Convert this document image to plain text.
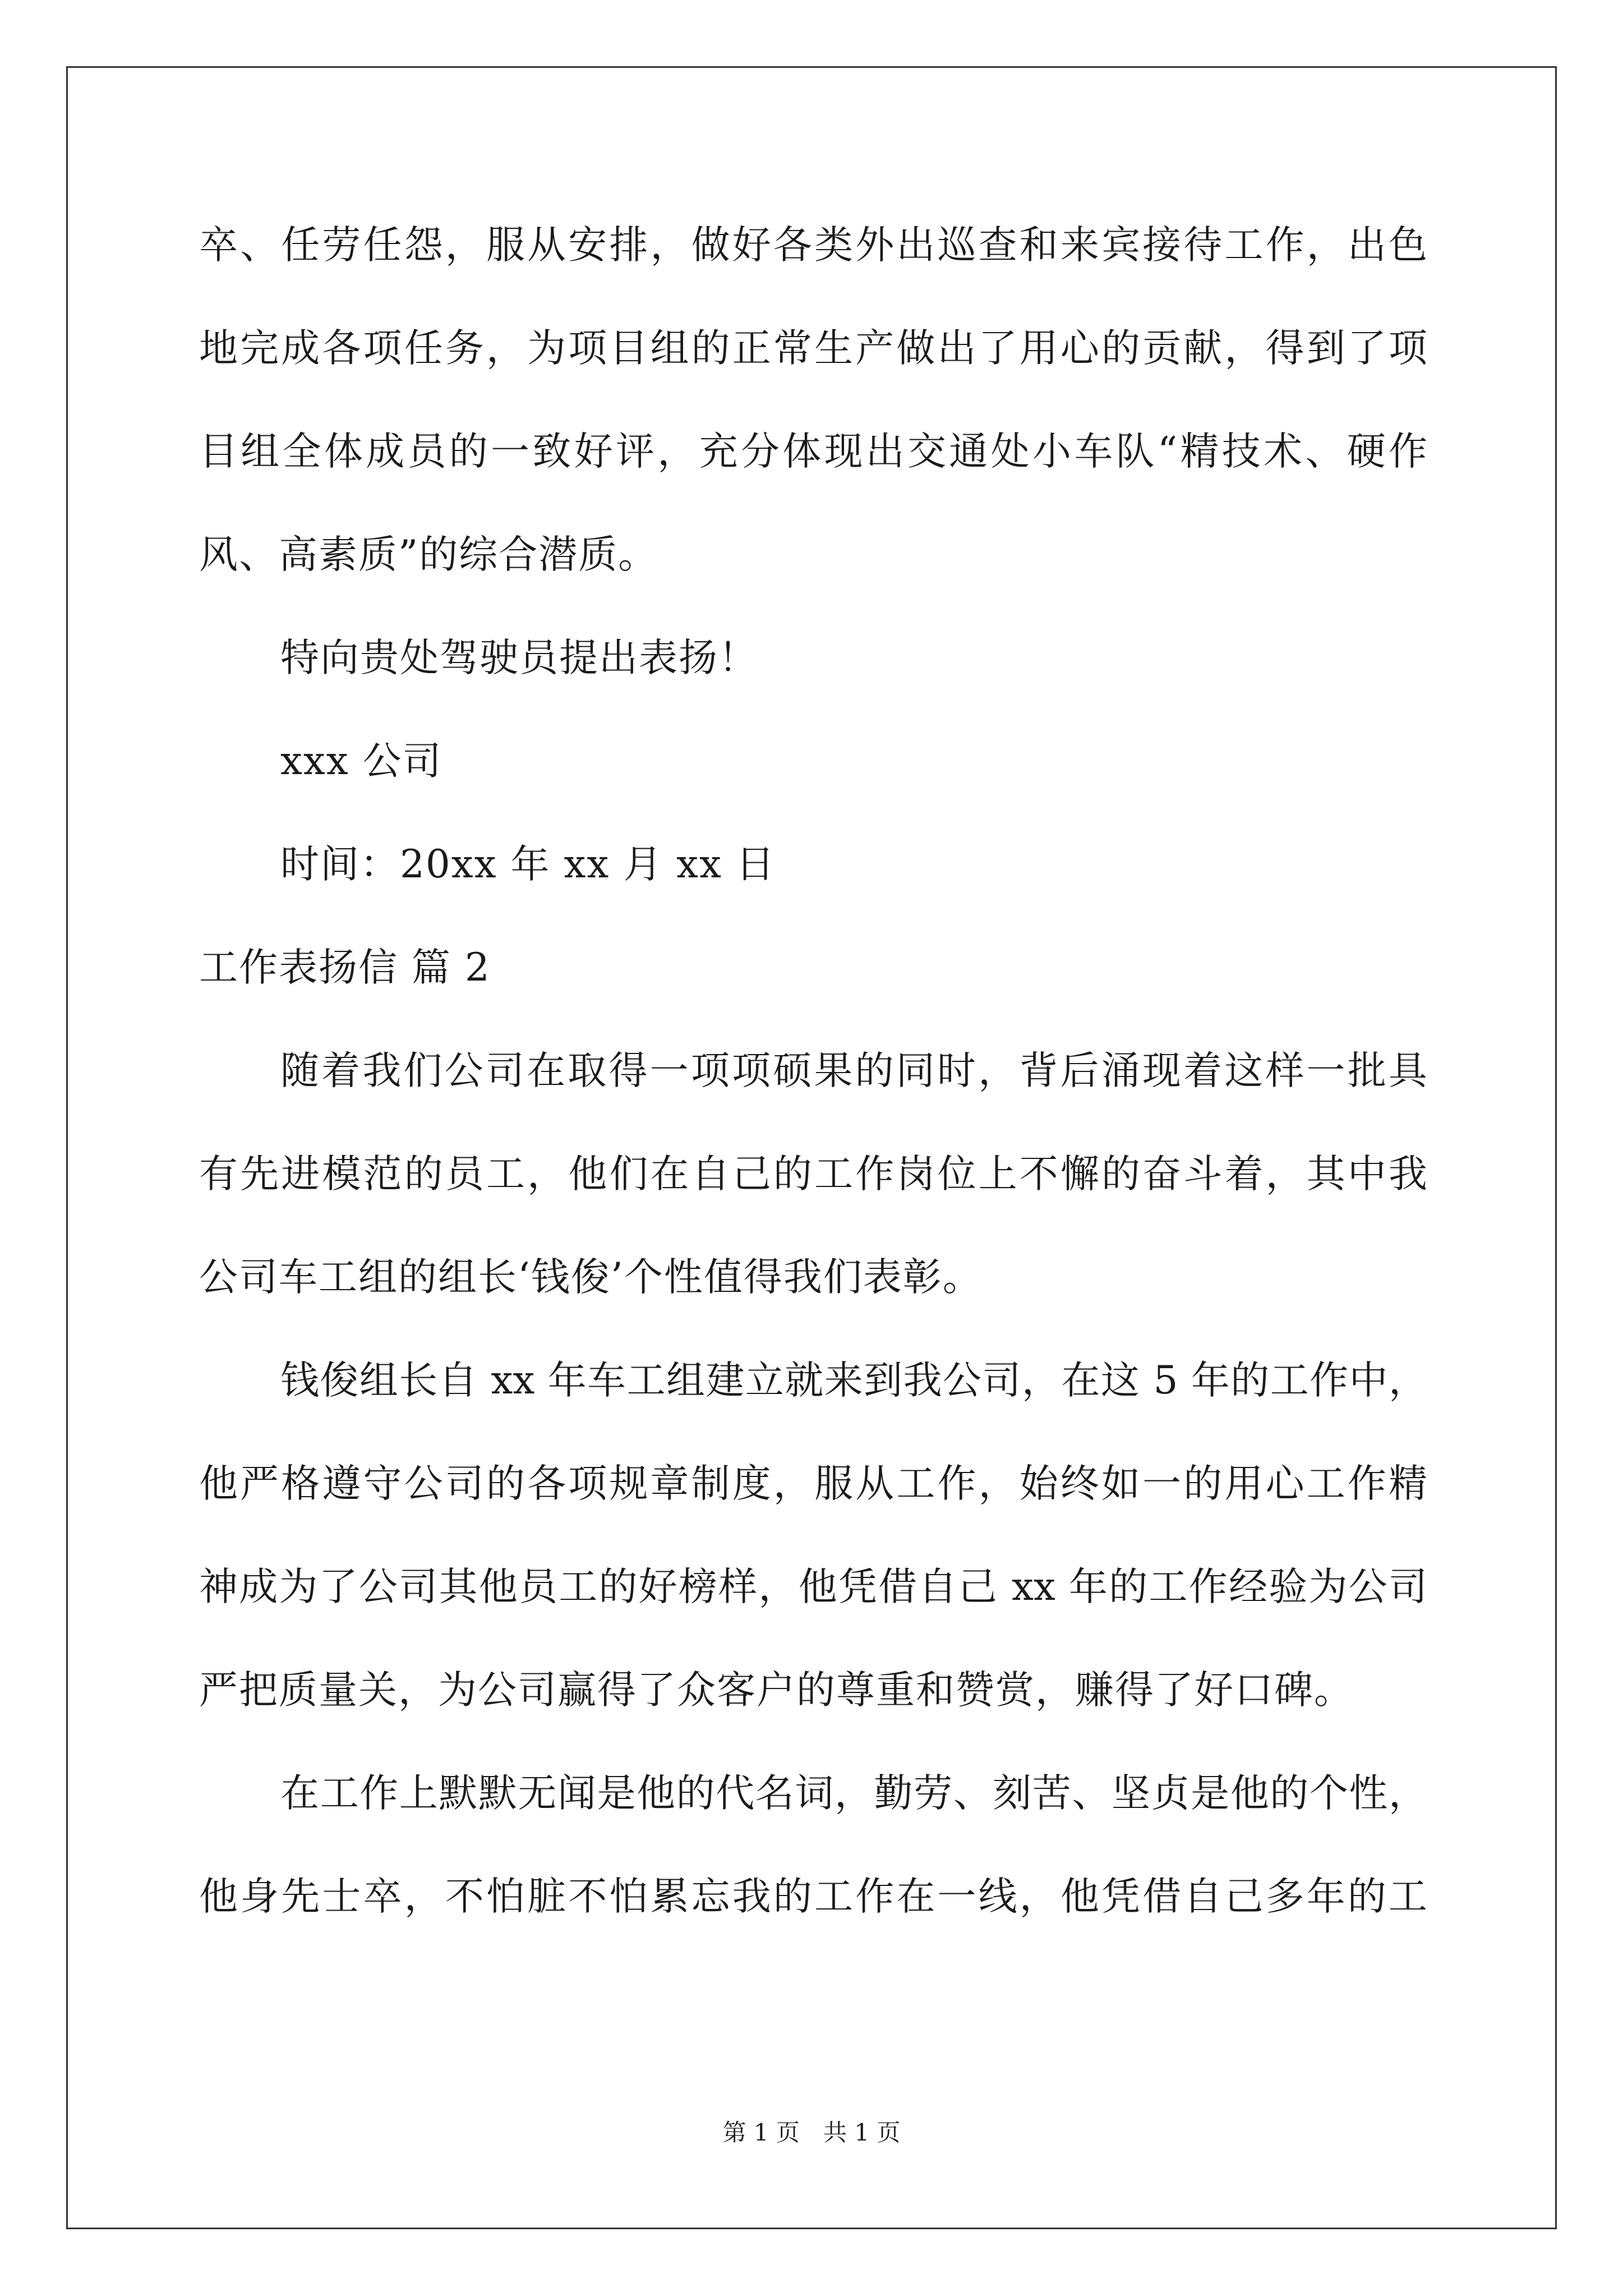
卒、任劳任怨，服从安排，做好各类外出巡查和来宾接待工作，出色
地完成各项任务，为项目组的正常生产做出了用心的贡献，得到了项
目组全体成员的一致好评，充分体现出交通处小车队“精技术、硬作
风、高素质”的综合潜质。
特向贵处驾驶员提出表扬！
xxx 公司
时间：20xx 年 xx 月 xx 日
工作表扬信 篇 2
随着我们公司在取得一项项硕果的同时，背后涌现着这样一批具
有先进模范的员工，他们在自己的工作岗位上不懈的奋斗着，其中我
公司车工组的组长‘钱俊’个性值得我们表彰。
钱俊组长自 xx 年车工组建立就来到我公司，在这 5 年的工作中，
他严格遵守公司的各项规章制度，服从工作，始终如一的用心工作精
神成为了公司其他员工的好榜样，他凭借自己 xx 年的工作经验为公司
严把质量关，为公司赢得了众客户的尊重和赞赏，赚得了好口碑。
在工作上默默无闻是他的代名词，勤劳、刻苦、坚贞是他的个性，
他身先士卒，不怕脏不怕累忘我的工作在一线，他凭借自己多年的工
第 1 页　共 1 页
